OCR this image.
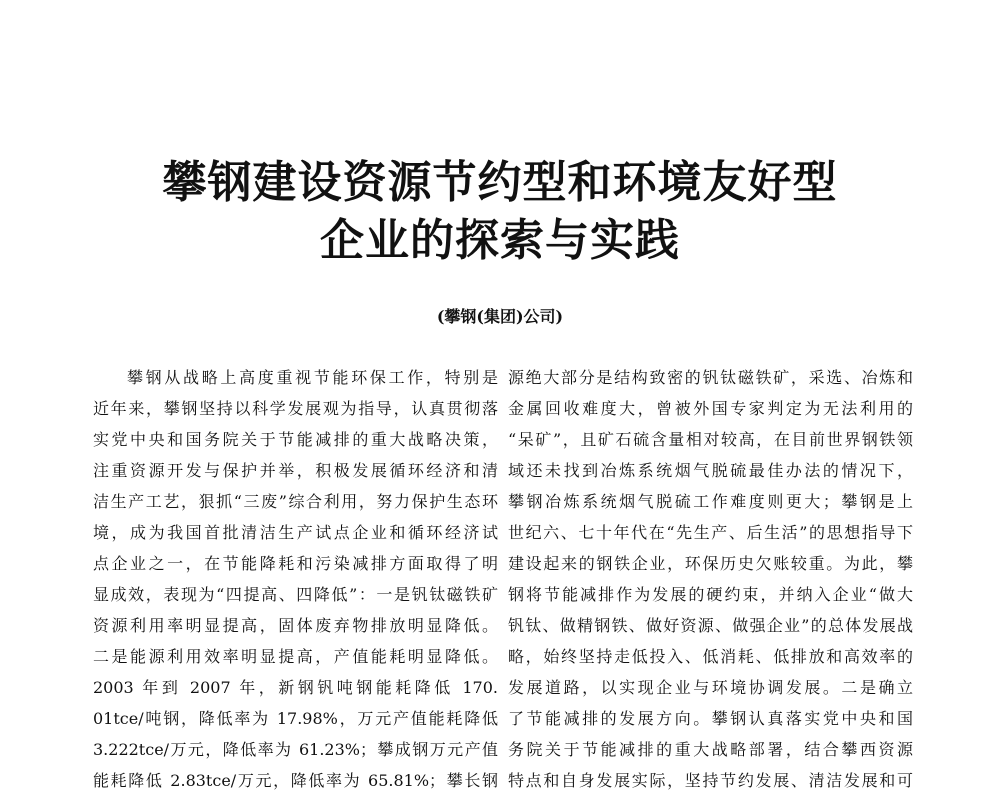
攀钢建设资源节约型和环境友好型
企业的探索与实践
(攀钢(集团)公司)
攀钢从战略上高度重视节能环保工作，特别是
近年来，攀钢坚持以科学发展观为指导，认真贯彻落
实党中央和国务院关于节能减排的重大战略决策，
注重资源开发与保护并举，积极发展循环经济和清
洁生产工艺，狠抓“三废”综合利用，努力保护生态环
境，成为我国首批清洁生产试点企业和循环经济试
点企业之一，在节能降耗和污染减排方面取得了明
显成效，表现为“四提高、四降低”：一是钒钛磁铁矿
资源利用率明显提高，固体废弃物排放明显降低。
二是能源利用效率明显提高，产值能耗明显降低。
2003 年到 2007 年，新钢钒吨钢能耗降低 170.
01tce/吨钢，降低率为 17.98%，万元产值能耗降低
3.222tce/万元，降低率为 61.23%；攀成钢万元产值
能耗降低 2.83tce/万元，降低率为 65.81%；攀长钢
源绝大部分是结构致密的钒钛磁铁矿，采选、冶炼和
金属回收难度大，曾被外国专家判定为无法利用的
“呆矿”，且矿石硫含量相对较高，在目前世界钢铁领
域还未找到冶炼系统烟气脱硫最佳办法的情况下，
攀钢冶炼系统烟气脱硫工作难度则更大；攀钢是上
世纪六、七十年代在“先生产、后生活”的思想指导下
建设起来的钢铁企业，环保历史欠账较重。为此，攀
钢将节能减排作为发展的硬约束，并纳入企业“做大
钒钛、做精钢铁、做好资源、做强企业”的总体发展战
略，始终坚持走低投入、低消耗、低排放和高效率的
发展道路，以实现企业与环境协调发展。二是确立
了节能减排的发展方向。攀钢认真落实党中央和国
务院关于节能减排的重大战略部署，结合攀西资源
特点和自身发展实际，坚持节约发展、清洁发展和可
